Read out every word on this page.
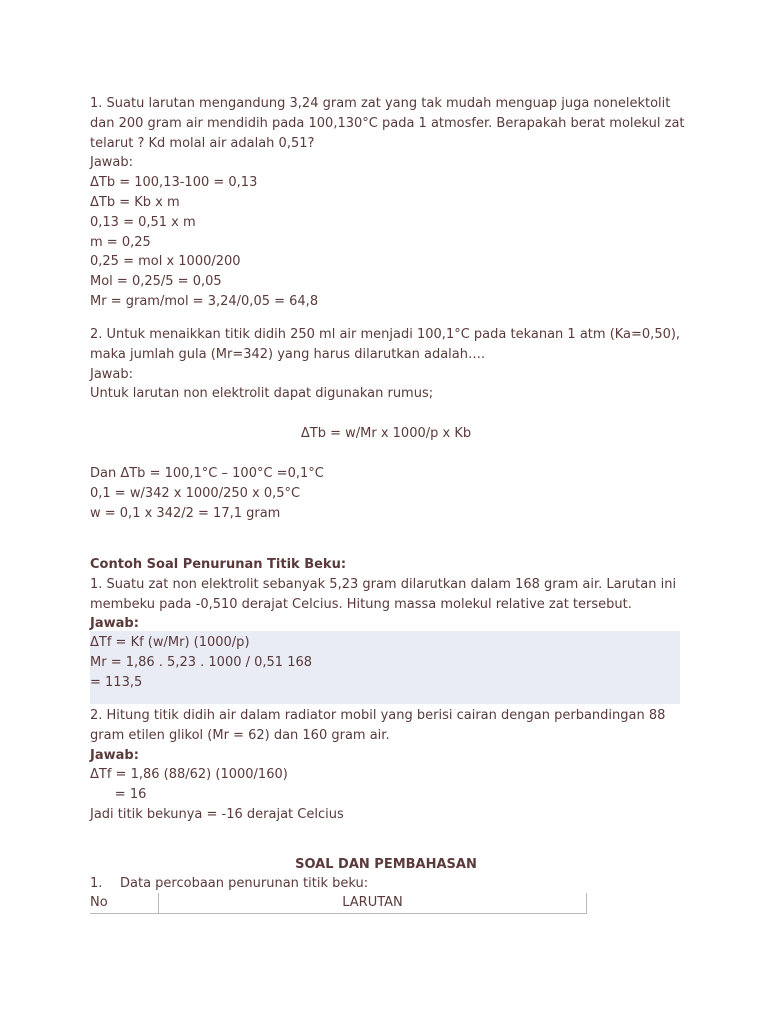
1. Suatu larutan mengandung 3,24 gram zat yang tak mudah menguap juga nonelektolit
dan 200 gram air mendidih pada 100,130°C pada 1 atmosfer. Berapakah berat molekul zat
telarut ? Kd molal air adalah 0,51?
Jawab:
ΔTb = 100,13-100 = 0,13
ΔTb = Kb x m
0,13 = 0,51 x m
m = 0,25
0,25 = mol x 1000/200
Mol = 0,25/5 = 0,05
Mr = gram/mol = 3,24/0,05 = 64,8
2. Untuk menaikkan titik didih 250 ml air menjadi 100,1°C pada tekanan 1 atm (Ka=0,50),
maka jumlah gula (Mr=342) yang harus dilarutkan adalah….
Jawab:
Untuk larutan non elektrolit dapat digunakan rumus;
ΔTb = w/Mr x 1000/p x Kb
Dan ΔTb = 100,1°C – 100°C =0,1°C
0,1 = w/342 x 1000/250 x 0,5°C
w = 0,1 x 342/2 = 17,1 gram
Contoh Soal Penurunan Titik Beku:
1. Suatu zat non elektrolit sebanyak 5,23 gram dilarutkan dalam 168 gram air. Larutan ini
membeku pada -0,510 derajat Celcius. Hitung massa molekul relative zat tersebut.
Jawab:
ΔTf = Kf (w/Mr) (1000/p)
Mr = 1,86 . 5,23 . 1000 / 0,51 168
= 113,5
2. Hitung titik didih air dalam radiator mobil yang berisi cairan dengan perbandingan 88
gram etilen glikol (Mr = 62) dan 160 gram air.
Jawab:
ΔTf = 1,86 (88/62) (1000/160)
= 16
Jadi titik bekunya = -16 derajat Celcius
SOAL DAN PEMBAHASAN
1. Data percobaan penurunan titik beku:
No	LARUTAN
